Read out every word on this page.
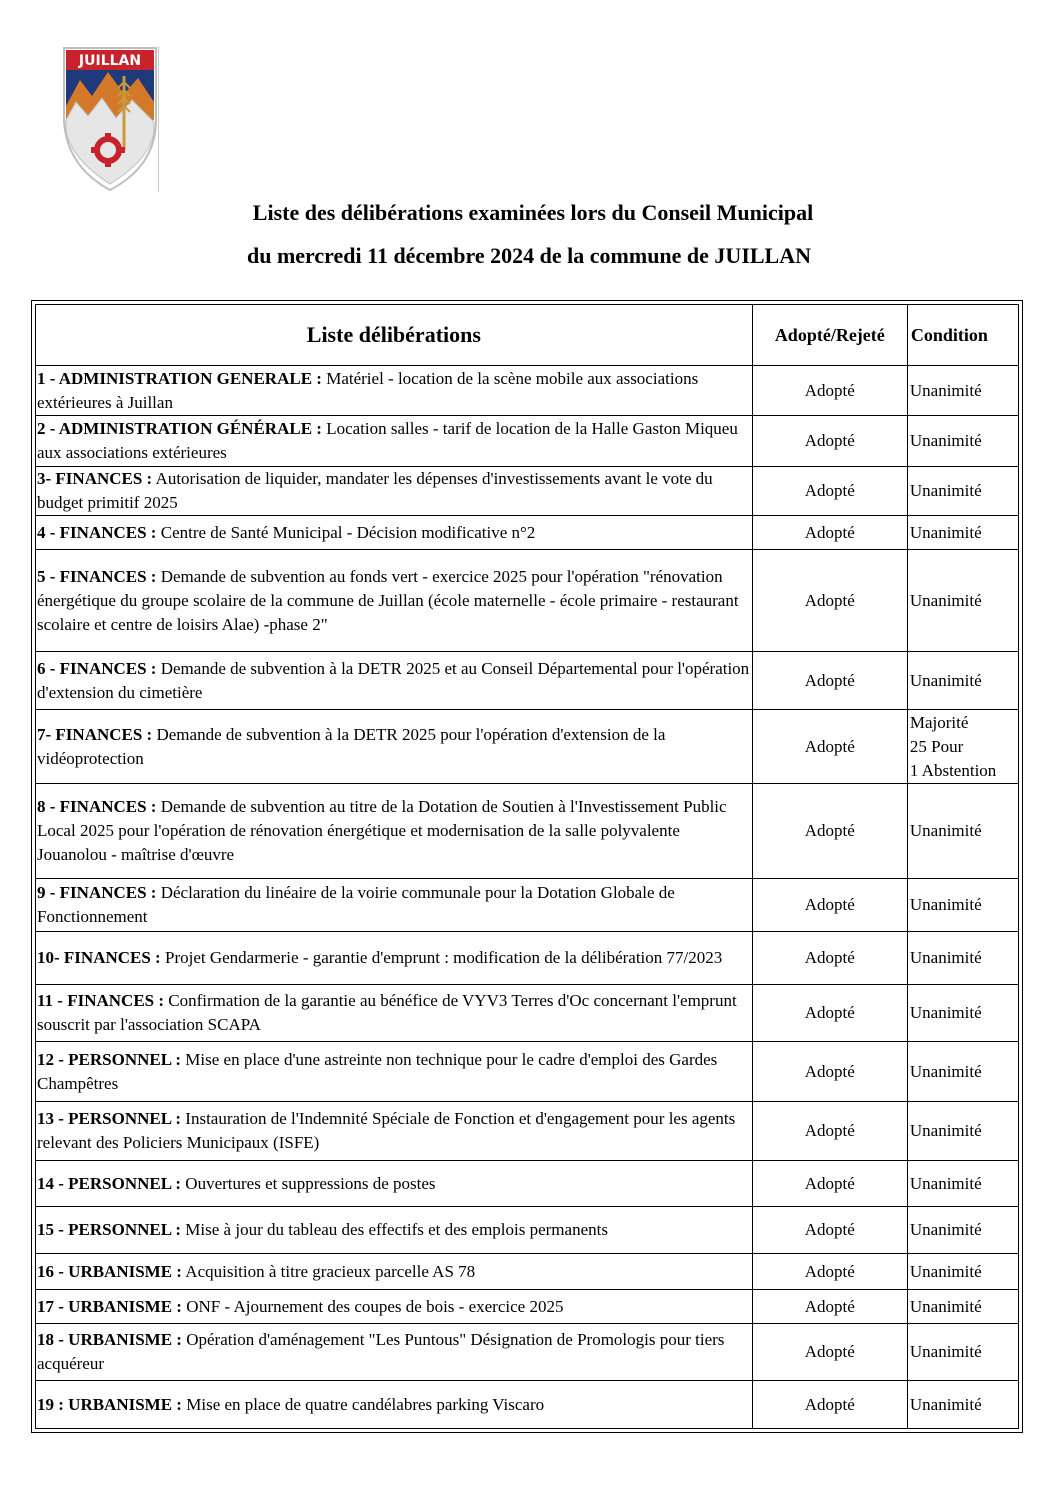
JUILLAN
Liste des délibérations examinées lors du Conseil Municipal
du mercredi 11 décembre 2024 de la commune de JUILLAN
Liste délibérations	Adopté/Rejeté	Condition
1 - ADMINISTRATION GENERALE : Matériel - location de la scène mobile aux associations extérieures à Juillan	Adopté	Unanimité

2 - ADMINISTRATION GÉNÉRALE : Location salles - tarif de location de la Halle Gaston Miqueu aux associations extérieures	Adopté	Unanimité

3- FINANCES : Autorisation de liquider, mandater les dépenses d'investissements avant le vote du budget primitif 2025	Adopté	Unanimité

4 - FINANCES : Centre de Santé Municipal - Décision modificative n°2	Adopté	Unanimité

5 - FINANCES : Demande de subvention au fonds vert - exercice 2025 pour l'opération "rénovation énergétique du groupe scolaire de la commune de Juillan (école maternelle - école primaire - restaurant scolaire et centre de loisirs Alae) -phase 2"	Adopté	Unanimité

6 - FINANCES : Demande de subvention à la DETR 2025 et au Conseil Départemental pour l'opération d'extension du cimetière	Adopté	Unanimité

7- FINANCES : Demande de subvention à la DETR 2025 pour l'opération d'extension de la vidéoprotection	Adopté	Majorité
25 Pour
1 Abstention

8 - FINANCES : Demande de subvention au titre de la Dotation de Soutien à l'Investissement Public Local 2025 pour l'opération de rénovation énergétique et modernisation de la salle polyvalente Jouanolou - maîtrise d'œuvre	Adopté	Unanimité

9 - FINANCES : Déclaration du linéaire de la voirie communale pour la Dotation Globale de Fonctionnement	Adopté	Unanimité

10- FINANCES : Projet Gendarmerie - garantie d'emprunt : modification de la délibération 77/2023	Adopté	Unanimité

11 - FINANCES : Confirmation de la garantie au bénéfice de VYV3 Terres d'Oc concernant l'emprunt souscrit par l'association SCAPA	Adopté	Unanimité

12 - PERSONNEL : Mise en place d'une astreinte non technique pour le cadre d'emploi des Gardes Champêtres	Adopté	Unanimité

13 - PERSONNEL : Instauration de l'Indemnité Spéciale de Fonction et d'engagement pour les agents relevant des Policiers Municipaux (ISFE)	Adopté	Unanimité

14 - PERSONNEL : Ouvertures et suppressions de postes	Adopté	Unanimité

15 - PERSONNEL : Mise à jour du tableau des effectifs et des emplois permanents	Adopté	Unanimité

16 - URBANISME : Acquisition à titre gracieux parcelle AS 78	Adopté	Unanimité

17 - URBANISME : ONF - Ajournement des coupes de bois - exercice 2025	Adopté	Unanimité

18 - URBANISME : Opération d'aménagement "Les Puntous" Désignation de Promologis pour tiers acquéreur	Adopté	Unanimité

19 : URBANISME : Mise en place de quatre candélabres parking Viscaro	Adopté	Unanimité
